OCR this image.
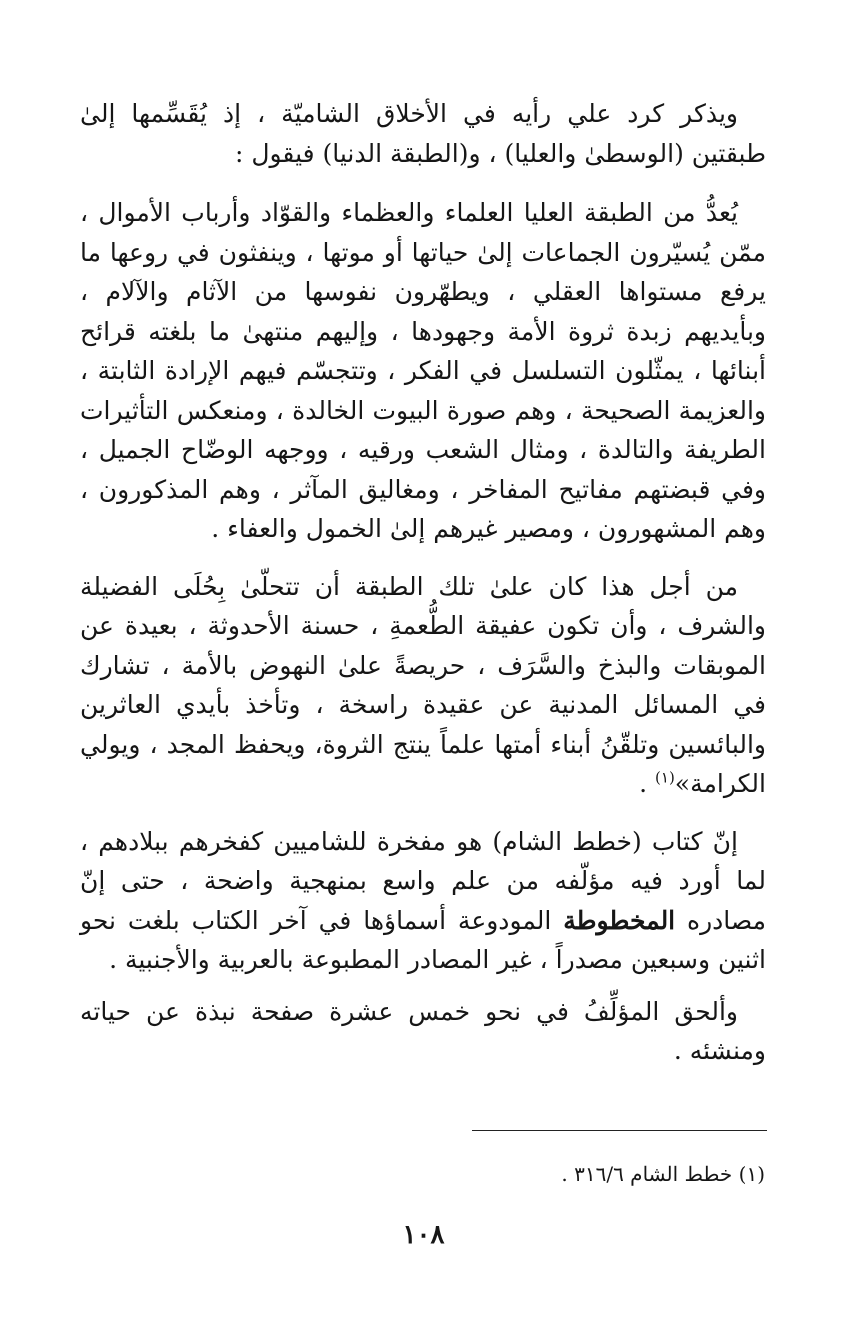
ويذكر كرد علي رأيه في الأخلاق الشاميّة ، إذ يُقَسِّمها إلىٰ طبقتين (الوسطىٰ والعليا) ، و(الطبقة الدنيا) فيقول :

يُعدُّ من الطبقة العليا العلماء والعظماء والقوّاد وأرباب الأموال ، ممّن يُسيّرون الجماعات إلىٰ حياتها أو موتها ، وينفثون في روعها ما يرفع مستواها العقلي ، ويطهّرون نفوسها من الآثام والآلام ، وبأيديهم زبدة ثروة الأمة وجهودها ، وإليهم منتهىٰ ما بلغته قرائح أبنائها ، يمثّلون التسلسل في الفكر ، وتتجسّم فيهم الإرادة الثابتة ، والعزيمة الصحيحة ، وهم صورة البيوت الخالدة ، ومنعكس التأثيرات الطريفة والتالدة ، ومثال الشعب ورقيه ، ووجهه الوضّاح الجميل ، وفي قبضتهم مفاتيح المفاخر ، ومغاليق المآثر ، وهم المذكورون ، وهم المشهورون ، ومصير غيرهم إلىٰ الخمول والعفاء .

من أجل هذا كان علىٰ تلك الطبقة أن تتحلّىٰ بِحُلَى الفضيلة والشرف ، وأن تكون عفيقة الطُّعمةِ ، حسنة الأحدوثة ، بعيدة عن الموبقات والبذخ والسَّرَف ، حريصةً علىٰ النهوض بالأمة ، تشارك في المسائل المدنية عن عقيدة راسخة ، وتأخذ بأيدي العاثرين والبائسين وتلقّنُ أبناء أمتها علماً ينتج الثروة، ويحفظ المجد ، ويولي الكرامة»$^{(١)}$ .

إنّ كتاب (خطط الشام) هو مفخرة للشاميين كفخرهم ببلادهم ، لما أورد فيه مؤلّفه من علم واسع بمنهجية واضحة ، حتى إنّ مصادره المخطوطة المودوعة أسماؤها في آخر الكتاب بلغت نحو اثنين وسبعين مصدراً ، غير المصادر المطبوعة بالعربية والأجنبية .

وألحق المؤلِّفُ في نحو خمس عشرة صفحة نبذة عن حياته ومنشئه .

(١) خطط الشام ٣١٦/٦ .
١٠٨
